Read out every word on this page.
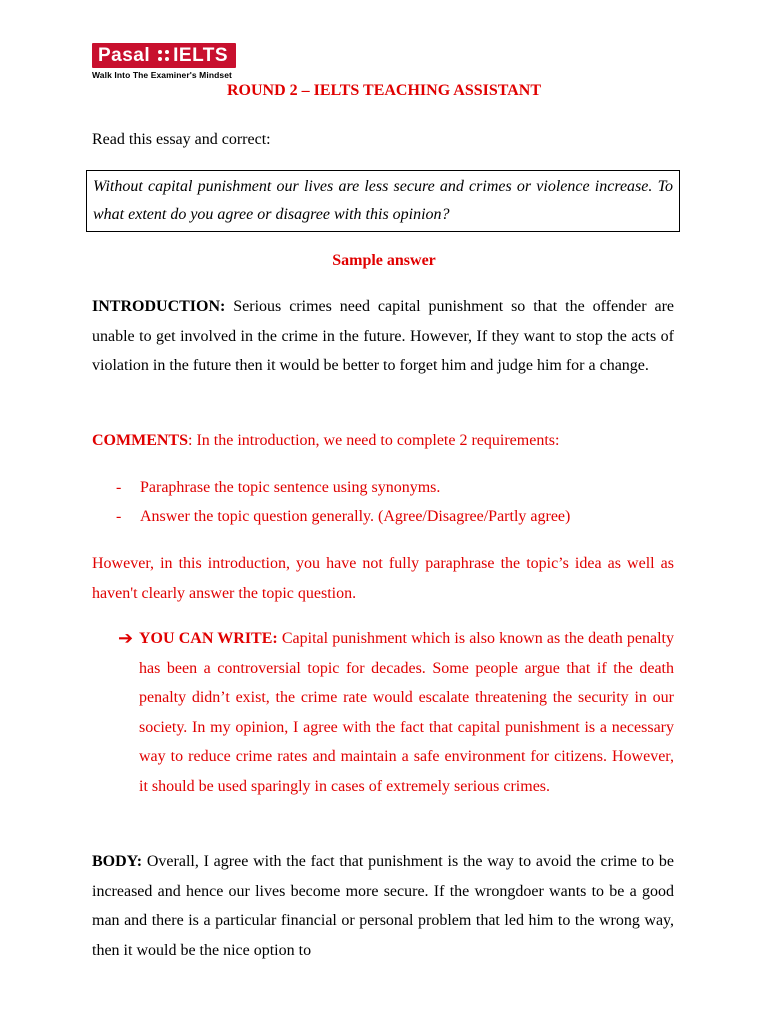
Pasal IELTS
Walk Into The Examiner's Mindset
ROUND 2 – IELTS TEACHING ASSISTANT
Read this essay and correct:
Without capital punishment our lives are less secure and crimes or violence increase. To what extent do you agree or disagree with this opinion?
Sample answer
INTRODUCTION: Serious crimes need capital punishment so that the offender are unable to get involved in the crime in the future. However, If they want to stop the acts of violation in the future then it would be better to forget him and judge him for a change.
COMMENTS: In the introduction, we need to complete 2 requirements:
- Paraphrase the topic sentence using synonyms.
- Answer the topic question generally. (Agree/Disagree/Partly agree)
However, in this introduction, you have not fully paraphrase the topic’s idea as well as haven't clearly answer the topic question.
➔ YOU CAN WRITE: Capital punishment which is also known as the death penalty has been a controversial topic for decades. Some people argue that if the death penalty didn’t exist, the crime rate would escalate threatening the security in our society. In my opinion, I agree with the fact that capital punishment is a necessary way to reduce crime rates and maintain a safe environment for citizens. However, it should be used sparingly in cases of extremely serious crimes.
BODY: Overall, I agree with the fact that punishment is the way to avoid the crime to be increased and hence our lives become more secure. If the wrongdoer wants to be a good man and there is a particular financial or personal problem that led him to the wrong way, then it would be the nice option to
